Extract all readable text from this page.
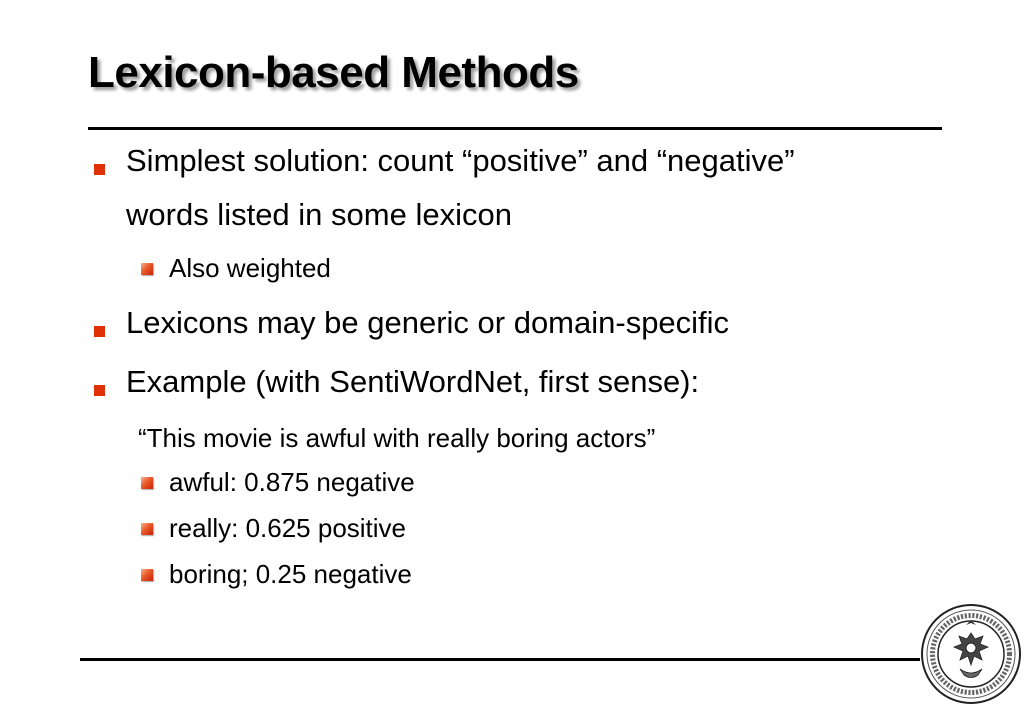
Lexicon-based Methods
Simplest solution: count “positive” and “negative”
words listed in some lexicon
Also weighted
Lexicons may be generic or domain-specific
Example (with SentiWordNet, first sense):
“This movie is awful with really boring actors”
awful: 0.875 negative
really: 0.625 positive
boring; 0.25 negative
